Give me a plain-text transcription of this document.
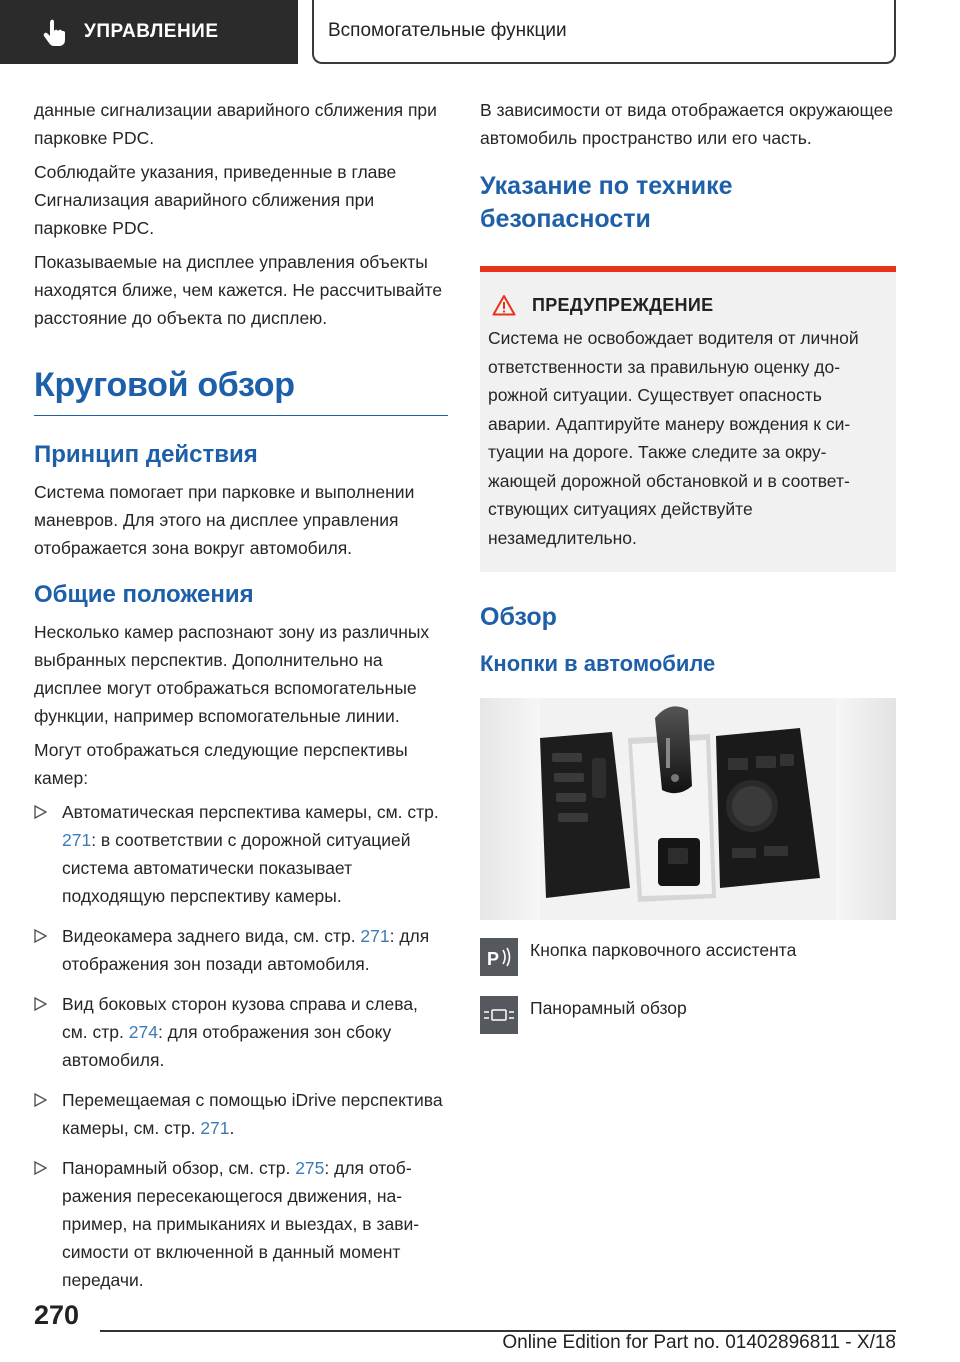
УПРАВЛЕНИЕ	Вспомогательные функции

данные сигнализации аварийного сближения при парковке PDC.

Соблюдайте указания, приведенные в главе Сигнализация аварийного сближения при парковке PDC.

Показываемые на дисплее управления объекты находятся ближе, чем кажется. Не рассчитывайте расстояние до объекта по дисплею.

Круговой обзор
Принцип действия

Система помогает при парковке и выполнении маневров. Для этого на дисплее управления отображается зона вокруг автомобиля.

Общие положения

Несколько камер распознают зону из различных выбранных перспектив. Дополнительно на дисплее могут отображаться вспомогательные функции, например вспомогательные линии.

Могут отображаться следующие перспективы камер:

Автоматическая перспектива камеры, см. стр. 271: в соответствии с дорожной ситуацией система автоматически показывает подходящую перспективу камеры.
Видеокамера заднего вида, см. стр. 271: для отображения зон позади автомобиля.
Вид боковых сторон кузова справа и слева, см. стр. 274: для отображения зон сбоку автомобиля.
Перемещаемая с помощью iDrive перспектива камеры, см. стр. 271.
Панорамный обзор, см. стр. 275: для отображения пересекающегося движения, например, на примыканиях и выездах, в зависимости от включенной в данный момент передачи.

В зависимости от вида отображается окружающее автомобиль пространство или его часть.

Указание по технике безопасности
ПРЕДУПРЕЖДЕНИЕ

Система не освобождает водителя от личной ответственности за правильную оценку дорожной ситуации. Существует опасность аварии. Адаптируйте манеру вождения к ситуации на дороге. Также следите за окружающей дорожной обстановкой и в соответствующих ситуациях действуйте незамедлительно.

Обзор
Кнопки в автомобиле
P Кнопка парковочного ассистента
Панорамный обзор
270
Online Edition for Part no. 01402896811 - X/18
